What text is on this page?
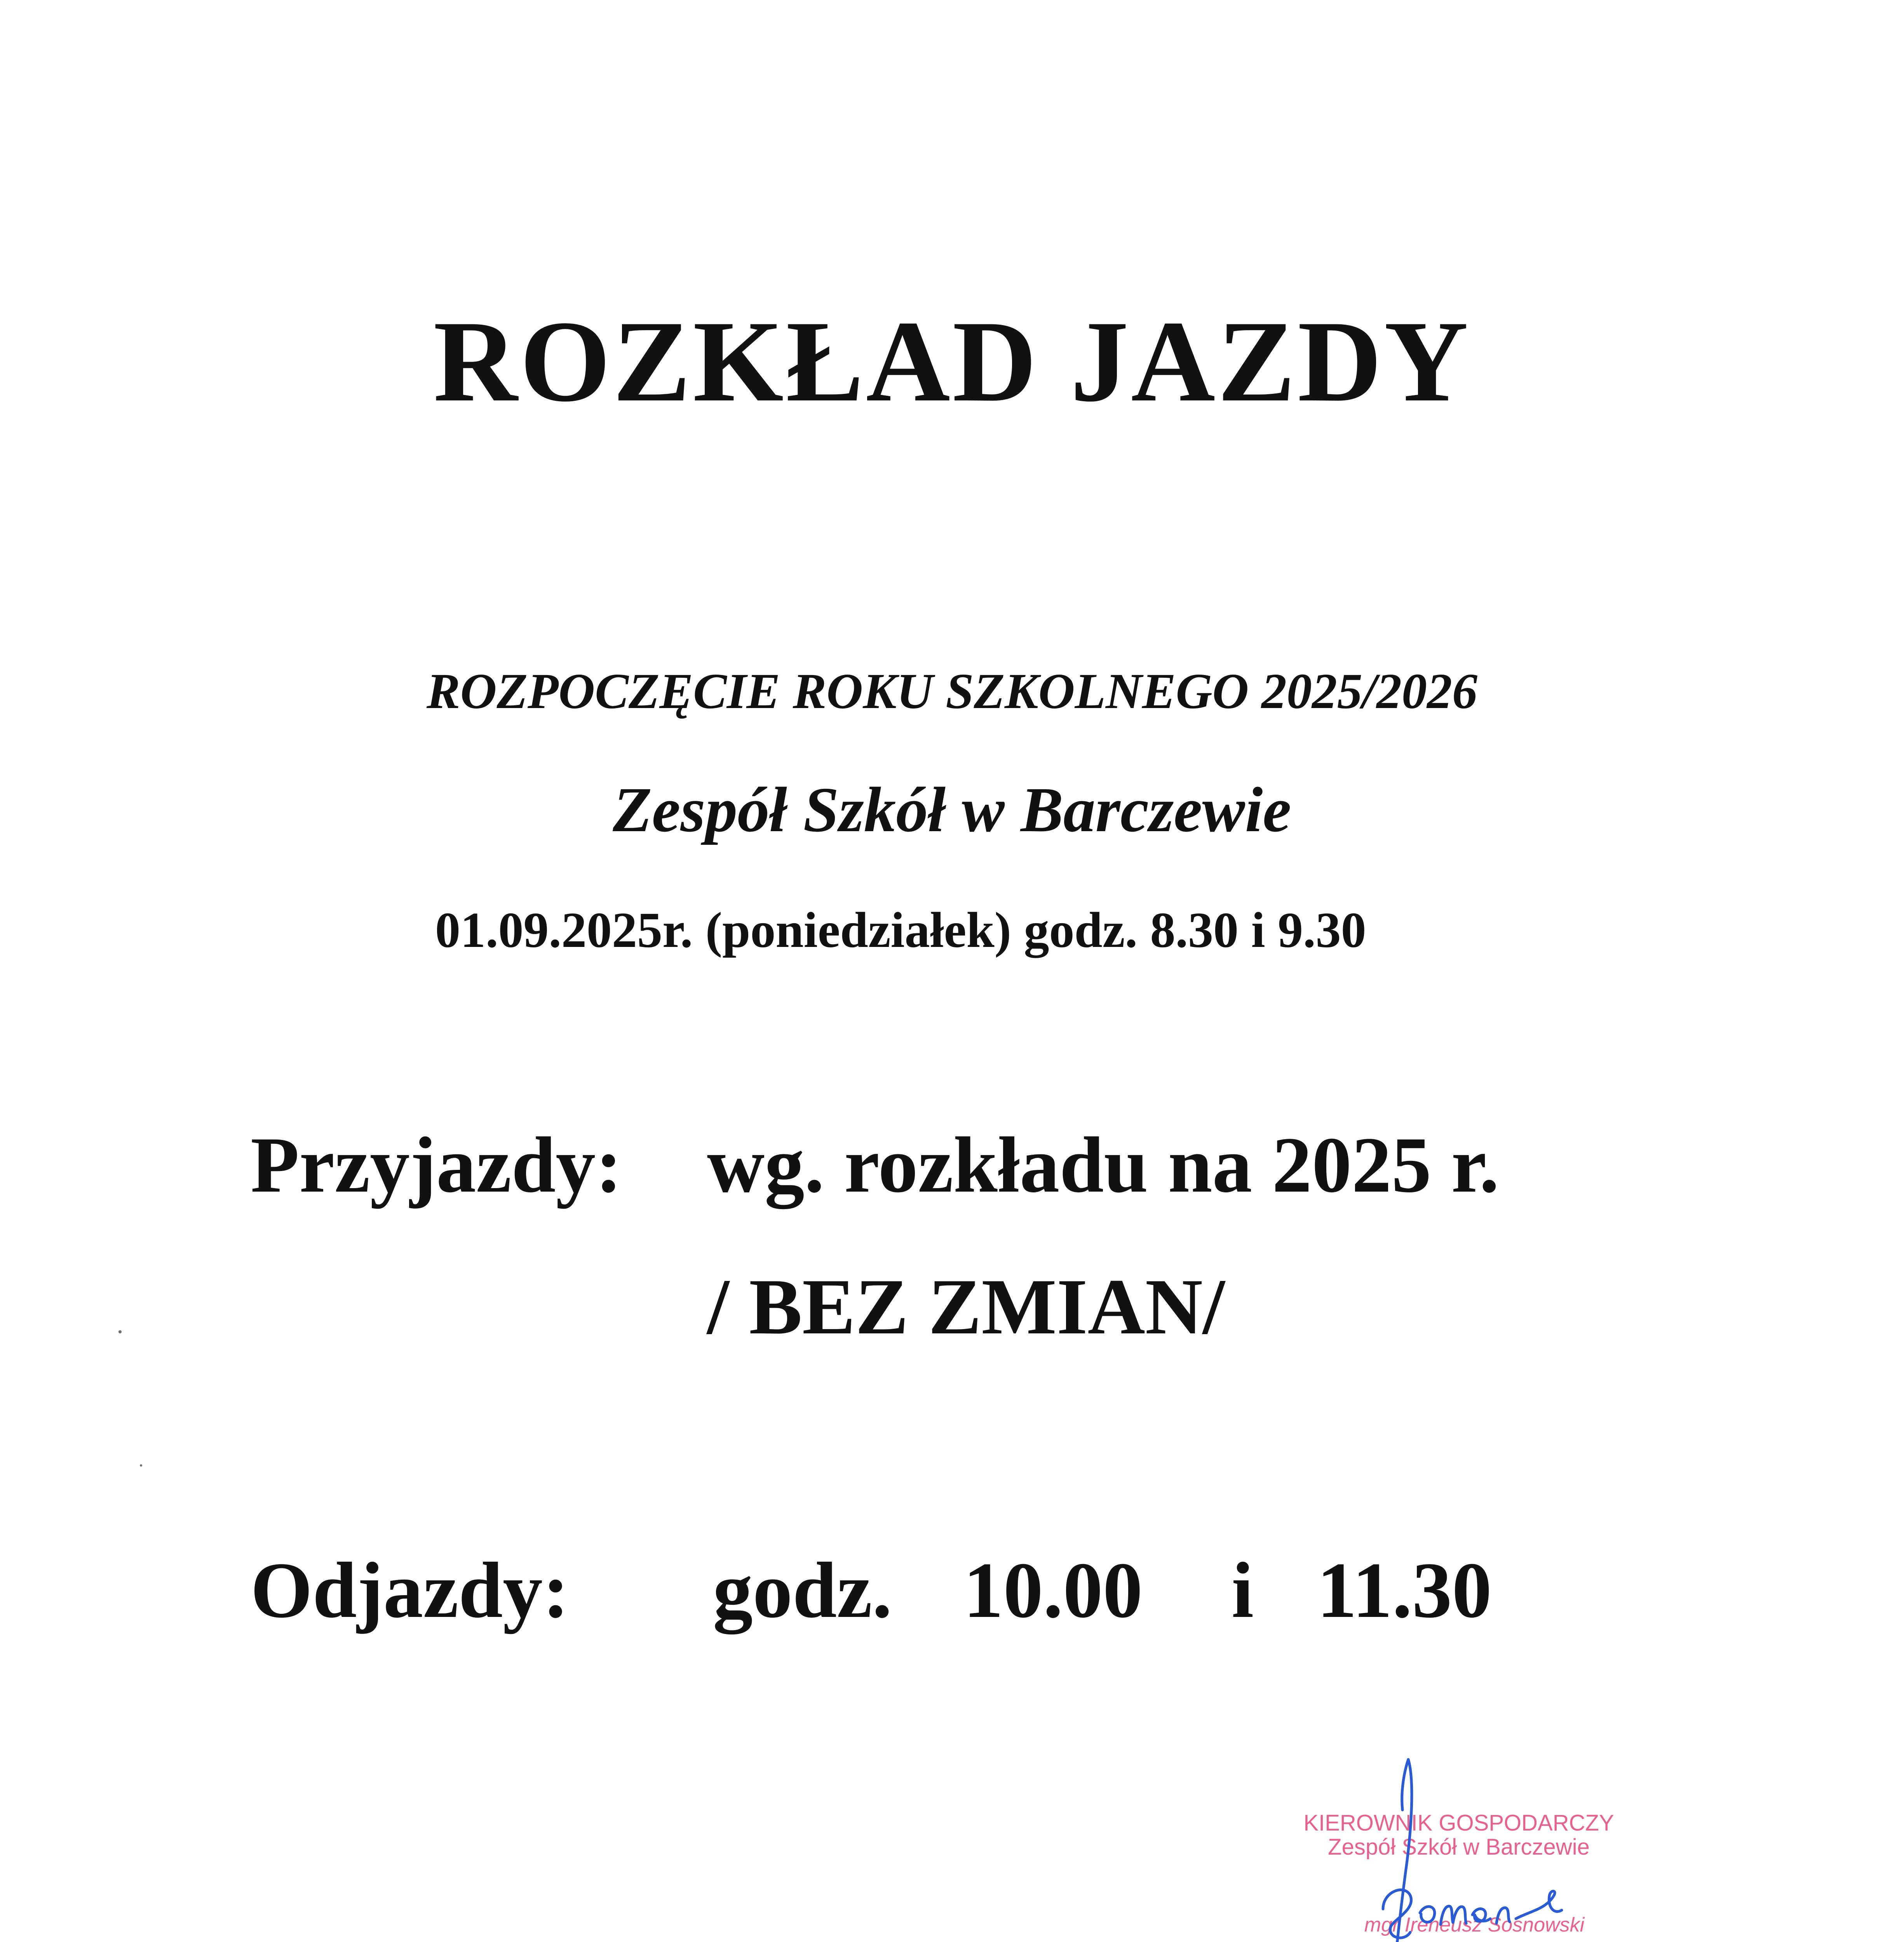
ROZKŁAD JAZDY
ROZPOCZĘCIE ROKU SZKOLNEGO 2025/2026
Zespół Szkół w Barczewie
01.09.2025r. (poniedziałek) godz. 8.30 i 9.30
Przyjazdy: wg. rozkładu na 2025 r.
/ BEZ ZMIAN/
Odjazdy: godz. 10.00 i 11.30
KIEROWNIK GOSPODARCZY
Zespół Szkół w Barczewie
mgr Ireneusz Sosnowski
